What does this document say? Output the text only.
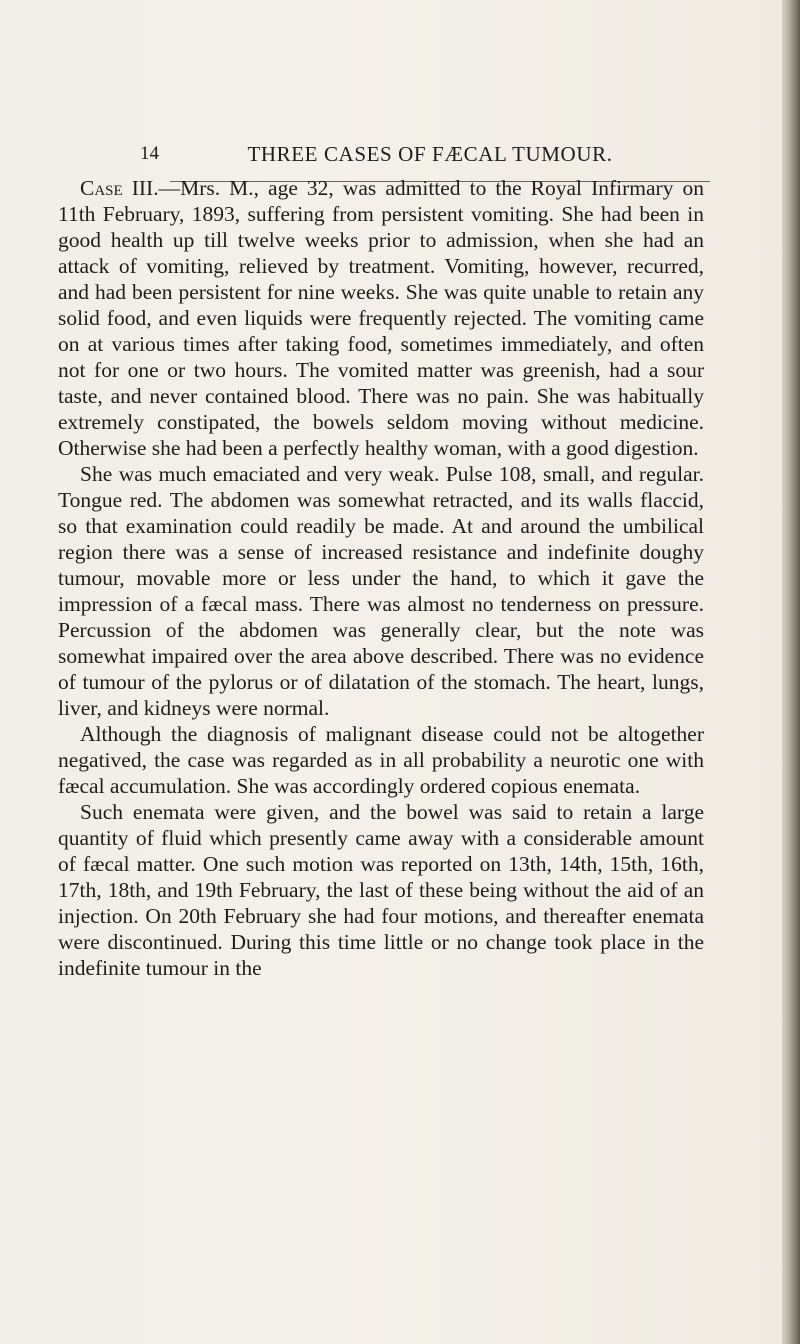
14	THREE CASES OF FÆCAL TUMOUR.

Case III.—Mrs. M., age 32, was admitted to the Royal Infirmary on 11th February, 1893, suffering from persistent vomiting. She had been in good health up till twelve weeks prior to admission, when she had an attack of vomiting, relieved by treatment. Vomiting, however, recurred, and had been persistent for nine weeks. She was quite unable to retain any solid food, and even liquids were frequently rejected. The vomiting came on at various times after taking food, sometimes immediately, and often not for one or two hours. The vomited matter was greenish, had a sour taste, and never contained blood. There was no pain. She was habitually extremely constipated, the bowels seldom moving without medicine. Otherwise she had been a perfectly healthy woman, with a good digestion.

She was much emaciated and very weak. Pulse 108, small, and regular. Tongue red. The abdomen was somewhat retracted, and its walls flaccid, so that examination could readily be made. At and around the umbilical region there was a sense of increased resistance and indefinite doughy tumour, movable more or less under the hand, to which it gave the impression of a fæcal mass. There was almost no tenderness on pressure. Percussion of the abdomen was generally clear, but the note was somewhat impaired over the area above described. There was no evidence of tumour of the pylorus or of dilatation of the stomach. The heart, lungs, liver, and kidneys were normal.

Although the diagnosis of malignant disease could not be altogether negatived, the case was regarded as in all probability a neurotic one with fæcal accumulation. She was accordingly ordered copious enemata.

Such enemata were given, and the bowel was said to retain a large quantity of fluid which presently came away with a considerable amount of fæcal matter. One such motion was reported on 13th, 14th, 15th, 16th, 17th, 18th, and 19th February, the last of these being without the aid of an injection. On 20th February she had four motions, and thereafter enemata were discontinued. During this time little or no change took place in the indefinite tumour in the
